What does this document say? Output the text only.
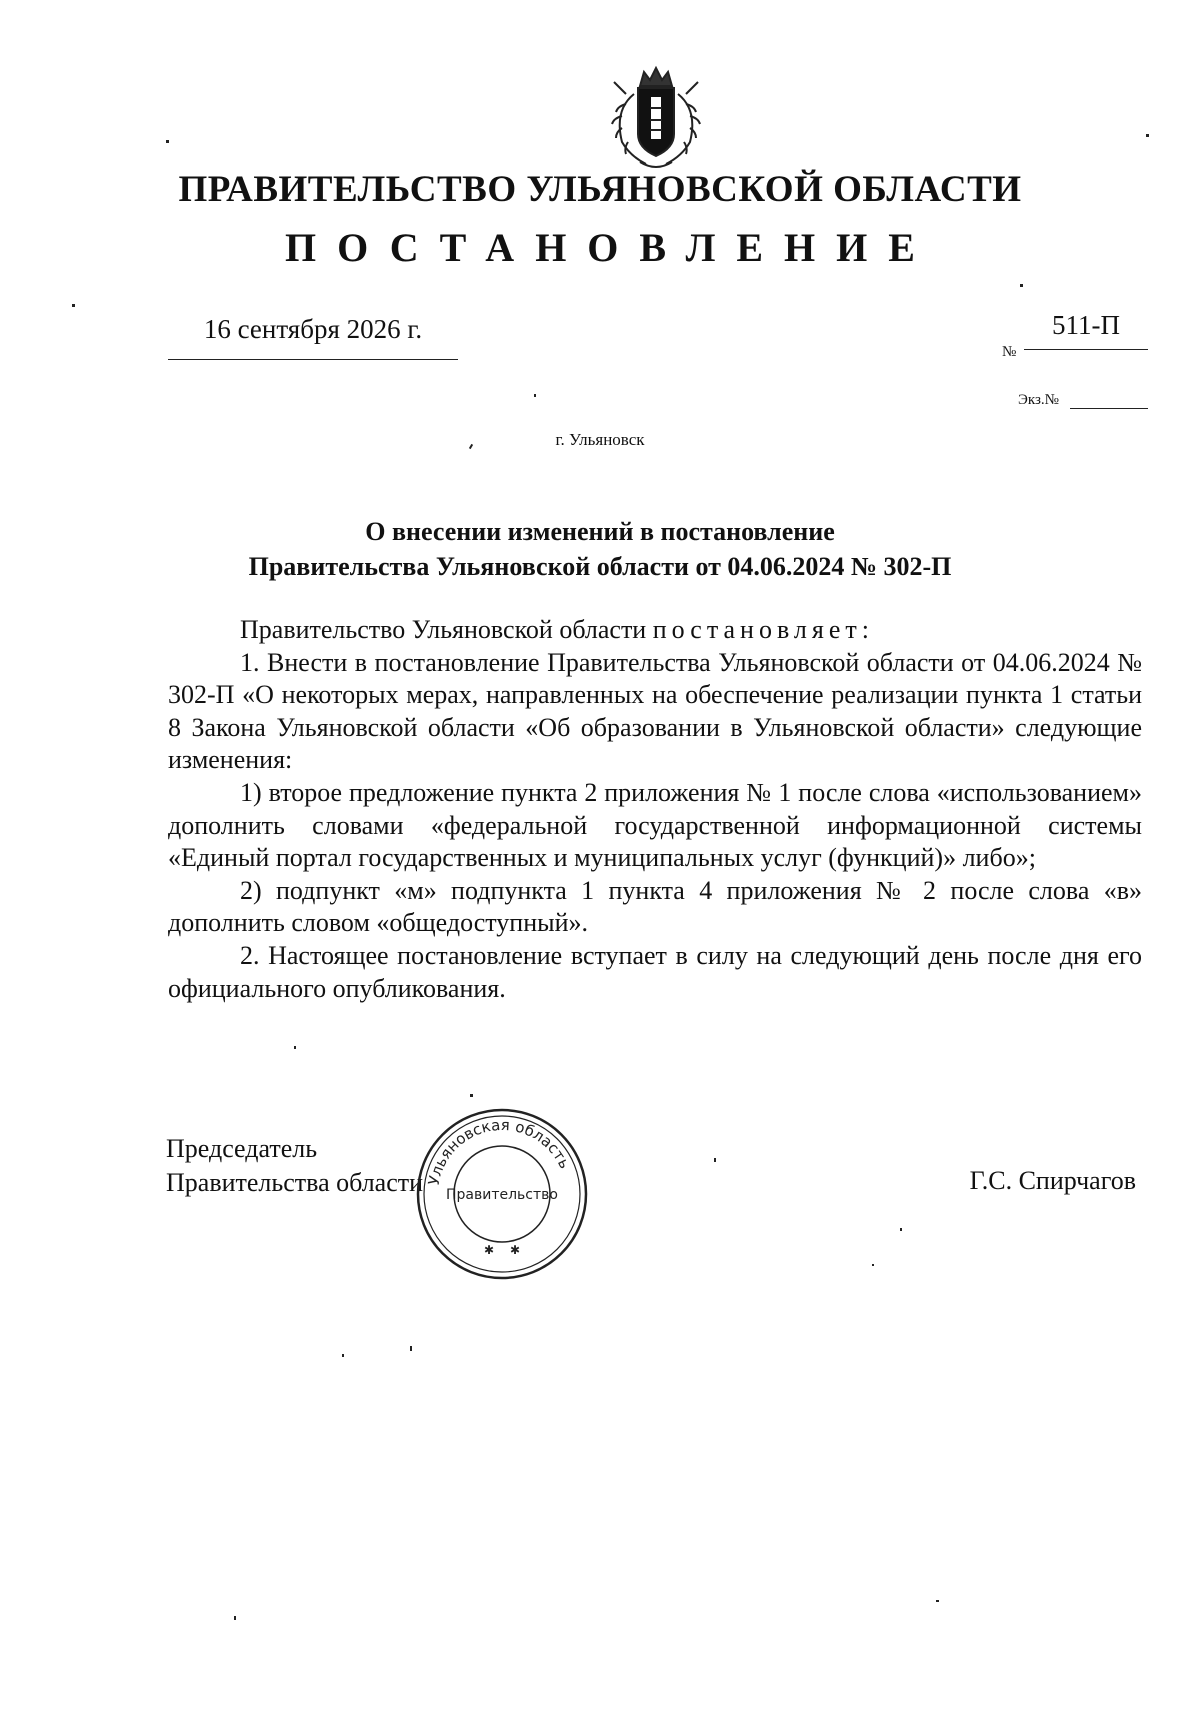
ПРАВИТЕЛЬСТВО УЛЬЯНОВСКОЙ ОБЛАСТИ
ПОСТАНОВЛЕНИЕ
16 сентября 2026 г.
№
511-П
Экз.№
г. Ульяновск
О внесении изменений в постановление
Правительства Ульяновской области от 04.06.2024 № 302-П

Правительство Ульяновской области постановляет:

1. Внести в постановление Правительства Ульяновской области от 04.06.2024 № 302-П «О некоторых мерах, направленных на обеспечение реализации пункта 1 статьи 8 Закона Ульяновской области «Об образовании в Ульяновской области» следующие изменения:

1) второе предложение пункта 2 приложения № 1 после слова «использованием» дополнить словами «федеральной государственной информационной системы «Единый портал государственных и муниципальных услуг (функций)» либо»;

2) подпункт «м» подпункта 1 пункта 4 приложения № 2 после слова «в» дополнить словом «общедоступный».

2. Настоящее постановление вступает в силу на следующий день после дня его официального опубликования.

Председатель
Правительства области	Г.С. Спирчагов
Ульяновская область
Правительство
✱ ✱
